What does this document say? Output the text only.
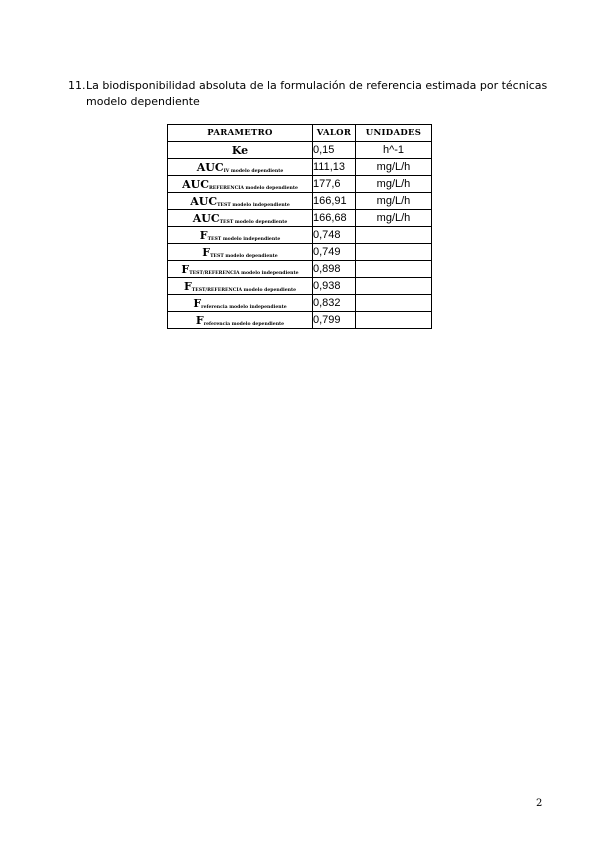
11. La biodisponibilidad absoluta de la formulación de referencia estimada por técnicas modelo dependiente
PARAMETRO	VALOR	UNIDADES
Ke	0,15	h^-1
$AUC_{IV modelo dependiente}$	111,13	mg/L/h
$AUC_{REFERENCIA modelo dependiente}$	177,6	mg/L/h
$AUC_{TEST modelo independiente}$	166,91	mg/L/h
$AUC_{TEST modelo dependiente}$	166,68	mg/L/h
$F_{TEST modelo independiente}$	0,748	
$F_{TEST modelo dependiente}$	0,749	
$F_{TEST/REFERENCIA modelo independiente}$	0,898	
$F_{TEST/REFERENCIA modelo dependiente}$	0,938	
$F_{referencia modelo independiente}$	0,832	
$F_{referencia modelo dependiente}$	0,799	
2
